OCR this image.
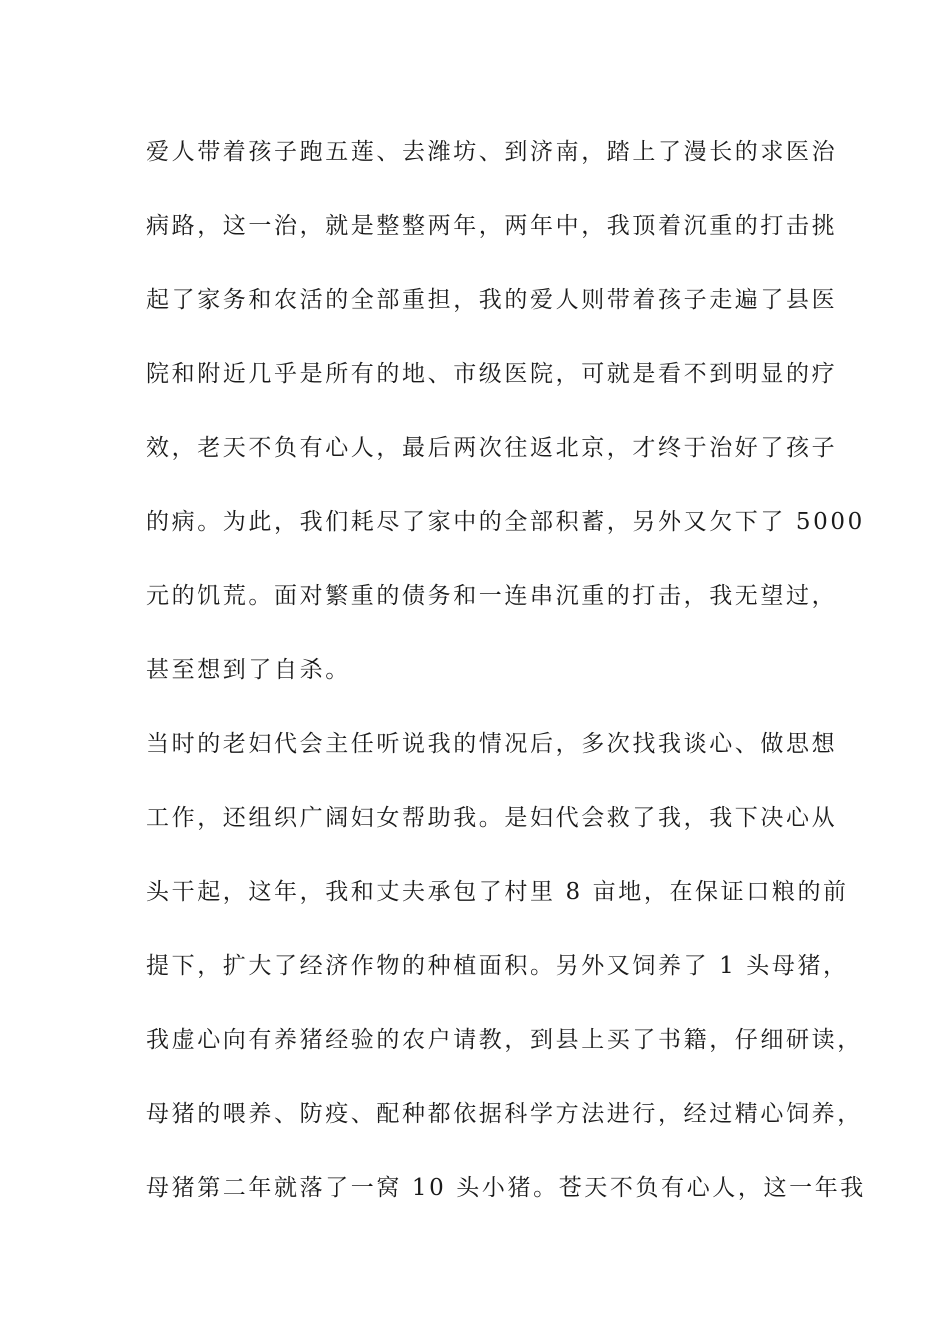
爱人带着孩子跑五莲、去潍坊、到济南，踏上了漫长的求医治
病路，这一治，就是整整两年，两年中，我顶着沉重的打击挑
起了家务和农活的全部重担，我的爱人则带着孩子走遍了县医
院和附近几乎是所有的地、市级医院，可就是看不到明显的疗
效，老天不负有心人，最后两次往返北京，才终于治好了孩子
的病。为此，我们耗尽了家中的全部积蓄，另外又欠下了 5000
元的饥荒。面对繁重的债务和一连串沉重的打击，我无望过，
甚至想到了自杀。
当时的老妇代会主任听说我的情况后，多次找我谈心、做思想
工作，还组织广阔妇女帮助我。是妇代会救了我，我下决心从
头干起，这年，我和丈夫承包了村里 8 亩地，在保证口粮的前
提下，扩大了经济作物的种植面积。另外又饲养了 1 头母猪，
我虚心向有养猪经验的农户请教，到县上买了书籍，仔细研读，
母猪的喂养、防疫、配种都依据科学方法进行，经过精心饲养，
母猪第二年就落了一窝 10 头小猪。苍天不负有心人，这一年我
